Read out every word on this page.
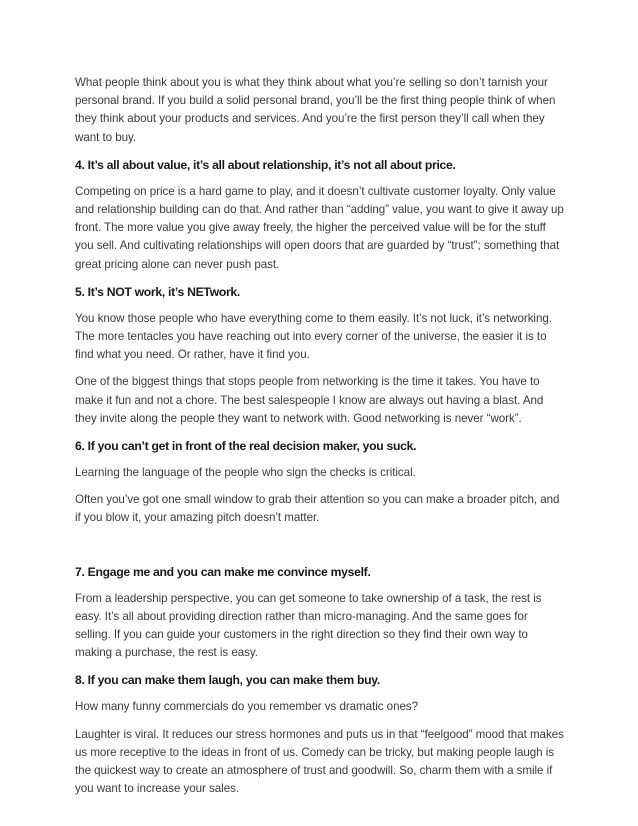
What people think about you is what they think about what you’re selling so don’t tarnish your personal brand. If you build a solid personal brand, you’ll be the first thing people think of when they think about your products and services. And you’re the first person they’ll call when they want to buy.

4. It’s all about value, it’s all about relationship, it’s not all about price.

Competing on price is a hard game to play, and it doesn’t cultivate customer loyalty. Only value and relationship building can do that. And rather than “adding” value, you want to give it away up front. The more value you give away freely, the higher the perceived value will be for the stuff you sell. And cultivating relationships will open doors that are guarded by “trust”; something that great pricing alone can never push past.

5. It’s NOT work, it’s NETwork.

You know those people who have everything come to them easily. It’s not luck, it’s networking. The more tentacles you have reaching out into every corner of the universe, the easier it is to find what you need. Or rather, have it find you.

One of the biggest things that stops people from networking is the time it takes. You have to make it fun and not a chore. The best salespeople I know are always out having a blast. And they invite along the people they want to network with. Good networking is never “work”.

6. If you can’t get in front of the real decision maker, you suck.

Learning the language of the people who sign the checks is critical.

Often you’ve got one small window to grab their attention so you can make a broader pitch, and if you blow it, your amazing pitch doesn’t matter.

7. Engage me and you can make me convince myself.

From a leadership perspective, you can get someone to take ownership of a task, the rest is easy. It’s all about providing direction rather than micro-managing. And the same goes for selling. If you can guide your customers in the right direction so they find their own way to making a purchase, the rest is easy.

8. If you can make them laugh, you can make them buy.

How many funny commercials do you remember vs dramatic ones?

Laughter is viral. It reduces our stress hormones and puts us in that “feelgood” mood that makes us more receptive to the ideas in front of us. Comedy can be tricky, but making people laugh is the quickest way to create an atmosphere of trust and goodwill. So, charm them with a smile if you want to increase your sales.
